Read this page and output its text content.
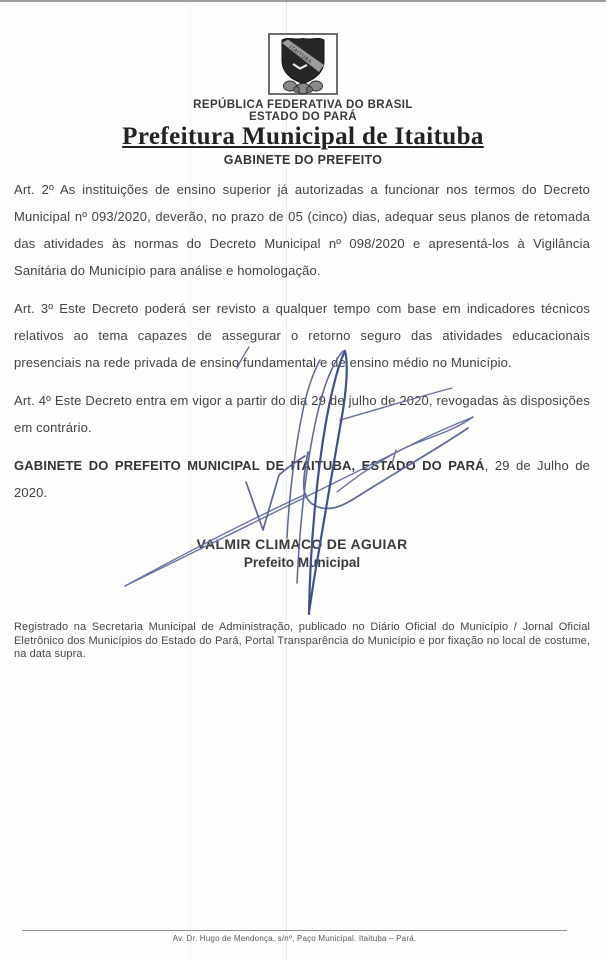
ITAITUBA
REPÚBLICA FEDERATIVA DO BRASIL
ESTADO DO PARÁ
Prefeitura Municipal de Itaituba
GABINETE DO PREFEITO

Art. 2º As instituições de ensino superior já autorizadas a funcionar nos termos do Decreto Municipal nº 093/2020, deverão, no prazo de 05 (cinco) dias, adequar seus planos de retomada das atividades às normas do Decreto Municipal nº 098/2020 e apresentá-los à Vigilância Sanitária do Município para análise e homologação.

Art. 3º Este Decreto poderá ser revisto a qualquer tempo com base em indicadores técnicos relativos ao tema capazes de assegurar o retorno seguro das atividades educacionais presenciais na rede privada de ensino fundamental e de ensino médio no Município.

Art. 4º Este Decreto entra em vigor a partir do dia 29 de julho de 2020, revogadas às disposições em contrário.

GABINETE DO PREFEITO MUNICIPAL DE ITAITUBA, ESTADO DO PARÁ, 29 de Julho de 2020.

VALMIR CLIMACO DE AGUIAR
Prefeito Municipal

Registrado na Secretaria Municipal de Administração, publicado no Diário Oficial do Município / Jornal Oficial Eletrônico dos Municípios do Estado do Pará, Portal Transparência do Município e por fixação no local de costume, na data supra.

Av. Dr. Hugo de Mendonça, s/nº, Paço Municipal. Itaituba – Pará.
